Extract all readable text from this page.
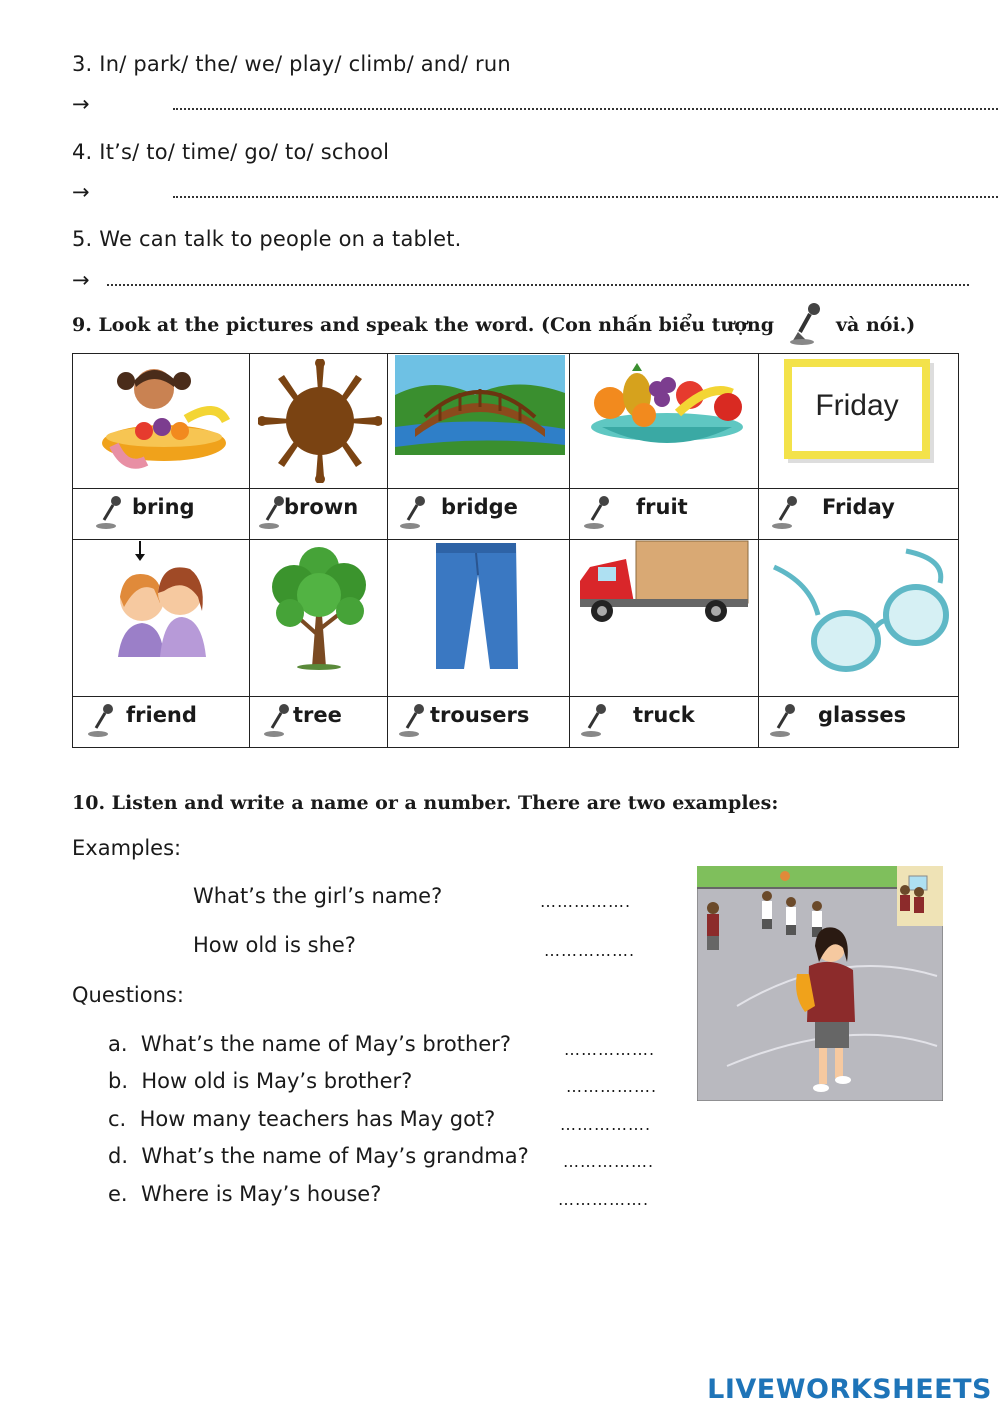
3. In/ park/ the/ we/ play/ climb/ and/ run
→
4. It’s/ to/ time/ go/ to/ school
→
5. We can talk to people on a tablet.
→
9. Look at the pictures and speak the word. (Con nhấn biểu tượng	và nói.)
Friday
bring	brown	bridge	fruit	Friday
friend	tree	trousers	truck	glasses
10. Listen and write a name or a number. There are two examples:
Examples:
What’s the girl’s name?	…………….
How old is she?	…………….
Questions:
a. What’s the name of May’s brother?	…………….
b. How old is May’s brother?	…………….
c. How many teachers has May got?	…………….
d. What’s the name of May’s grandma? …………….
e. Where is May’s house?	…………….
LIVEWORKSHEETS
